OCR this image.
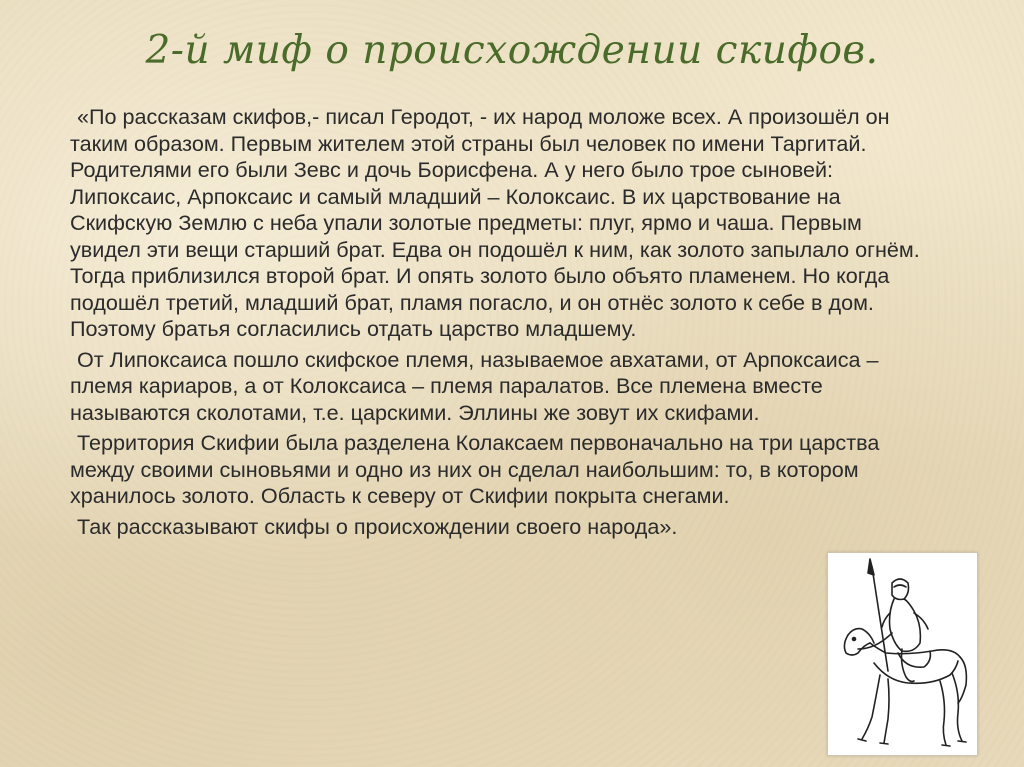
2-й миф о происхождении скифов.
«По рассказам скифов,- писал Геродот, - их народ моложе всех. А произошёл он
таким образом. Первым жителем этой страны был человек по имени Таргитай.
Родителями его были Зевс и дочь Борисфена. А у него было трое сыновей:
Липоксаис, Арпоксаис и самый младший – Колоксаис. В их царствование на
Скифскую Землю с неба упали золотые предметы: плуг, ярмо и чаша. Первым
увидел эти вещи старший брат. Едва он подошёл к ним, как золото запылало огнём.
Тогда приблизился второй брат. И опять золото было объято пламенем. Но когда
подошёл третий, младший брат, пламя погасло, и он отнёс золото к себе в дом.
Поэтому братья согласились отдать царство младшему.
От Липоксаиса пошло скифское племя, называемое авхатами, от Арпоксаиса –
племя кариаров, а от Колоксаиса – племя паралатов. Все племена вместе
называются сколотами, т.е. царскими. Эллины же зовут их скифами.
Территория Скифии была разделена Колаксаем первоначально на три царства
между своими сыновьями и одно из них он сделал наибольшим: то, в котором
хранилось золото. Область к северу от Скифии покрыта снегами.
Так рассказывают скифы о происхождении своего народа».
